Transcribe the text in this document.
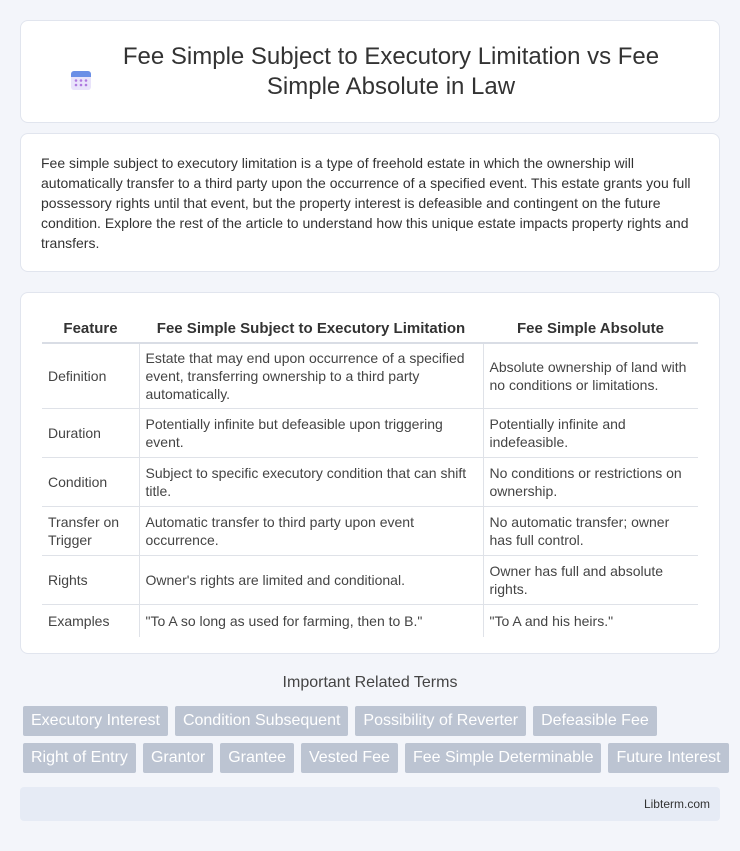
Fee Simple Subject to Executory Limitation vs Fee Simple Absolute in Law

Fee simple subject to executory limitation is a type of freehold estate in which the ownership will automatically transfer to a third party upon the occurrence of a specified event. This estate grants you full possessory rights until that event, but the property interest is defeasible and contingent on the future condition. Explore the rest of the article to understand how this unique estate impacts property rights and transfers.

Feature	Fee Simple Subject to Executory Limitation	Fee Simple Absolute
Definition	Estate that may end upon occurrence of a specified event, transferring ownership to a third party automatically.	Absolute ownership of land with no conditions or limitations.
Duration	Potentially infinite but defeasible upon triggering event.	Potentially infinite and indefeasible.
Condition	Subject to specific executory condition that can shift title.	No conditions or restrictions on ownership.
Transfer on Trigger	Automatic transfer to third party upon event occurrence.	No automatic transfer; owner has full control.
Rights	Owner's rights are limited and conditional.	Owner has full and absolute rights.
Examples	"To A so long as used for farming, then to B."	"To A and his heirs."
Important Related Terms
Executory Interest	Condition Subsequent	Possibility of Reverter	Defeasible Fee
Right of Entry	Grantor	Grantee	Vested Fee	Fee Simple Determinable	Future Interest
Libterm.com
